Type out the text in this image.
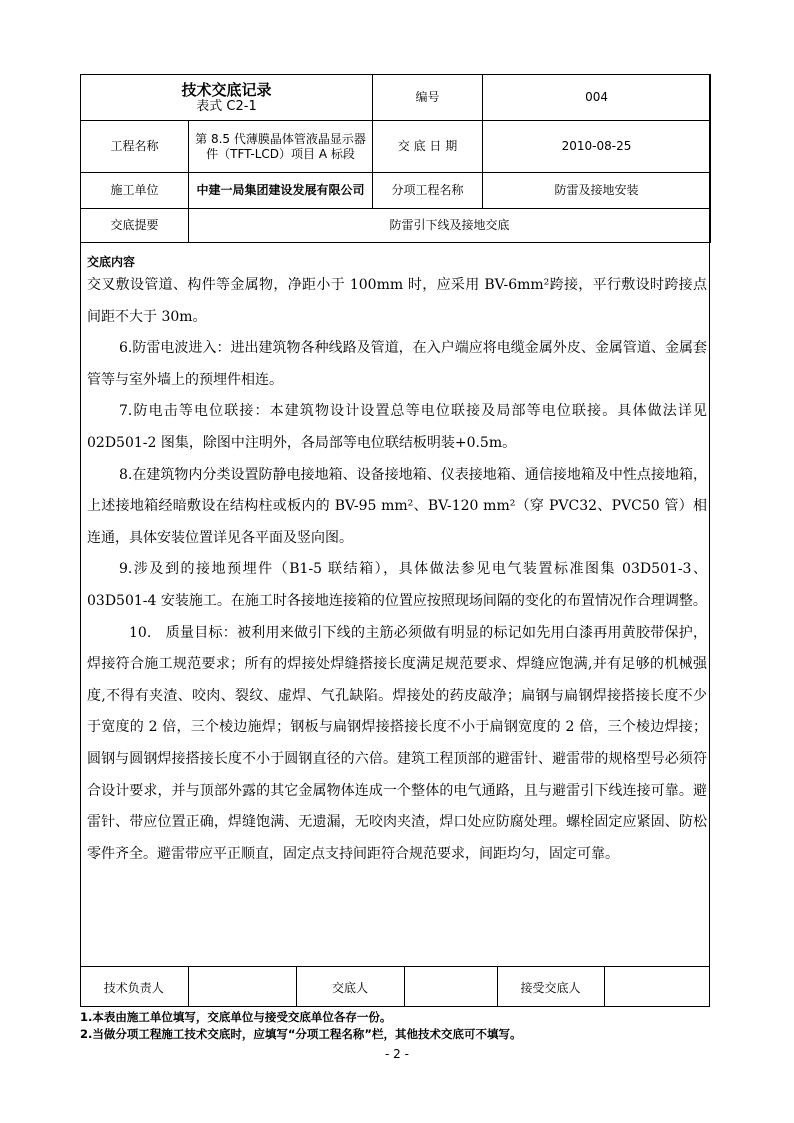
技术交底记录
表式 C2-1		编号	004
工程名称	第 8.5 代薄膜晶体管液晶显示器件（TFT-LCD）项目 A 标段	交 底 日 期	2010-08-25
施工单位	中建一局集团建设发展有限公司	分项工程名称	防雷及接地安装
交底提要	防雷引下线及接地交底		
交底内容

交叉敷设管道、构件等金属物，净距小于 100mm 时，应采用 BV-6mm²跨接，平行敷设时跨接点间距不大于 30m。

6.防雷电波进入：进出建筑物各种线路及管道，在入户端应将电缆金属外皮、金属管道、金属套管等与室外墙上的预埋件相连。

7.防电击等电位联接：本建筑物设计设置总等电位联接及局部等电位联接。具体做法详见 02D501-2 图集，除图中注明外，各局部等电位联结板明装+0.5m。

8.在建筑物内分类设置防静电接地箱、设备接地箱、仪表接地箱、通信接地箱及中性点接地箱，上述接地箱经暗敷设在结构柱或板内的 BV-95 mm²、BV-120 mm²（穿 PVC32、PVC50 管）相连通，具体安装位置详见各平面及竖向图。

9.涉及到的接地预埋件（B1-5 联结箱），具体做法参见电气装置标准图集 03D501-3、03D501-4 安装施工。在施工时各接地连接箱的位置应按照现场间隔的变化的布置情况作合理调整。

10.　质量目标：被利用来做引下线的主筋必须做有明显的标记如先用白漆再用黄胶带保护，焊接符合施工规范要求；所有的焊接处焊缝搭接长度满足规范要求、焊缝应饱满,并有足够的机械强度,不得有夹渣、咬肉、裂纹、虚焊、气孔缺陷。焊接处的药皮敲净；扁钢与扁钢焊接搭接长度不少于宽度的 2 倍，三个棱边施焊；钢板与扁钢焊接搭接长度不小于扁钢宽度的 2 倍，三个棱边焊接；圆钢与圆钢焊接搭接长度不小于圆钢直径的六倍。建筑工程顶部的避雷针、避雷带的规格型号必须符合设计要求，并与顶部外露的其它金属物体连成一个整体的电气通路，且与避雷引下线连接可靠。避雷针、带应位置正确，焊缝饱满、无遗漏，无咬肉夹渣，焊口处应防腐处理。螺栓固定应紧固、防松零件齐全。避雷带应平正顺直，固定点支持间距符合规范要求，间距均匀，固定可靠。

技术负责人		交底人		接受交底人	
1.本表由施工单位填写，交底单位与接受交底单位各存一份。
2.当做分项工程施工技术交底时，应填写“分项工程名称”栏，其他技术交底可不填写。
- 2 -
